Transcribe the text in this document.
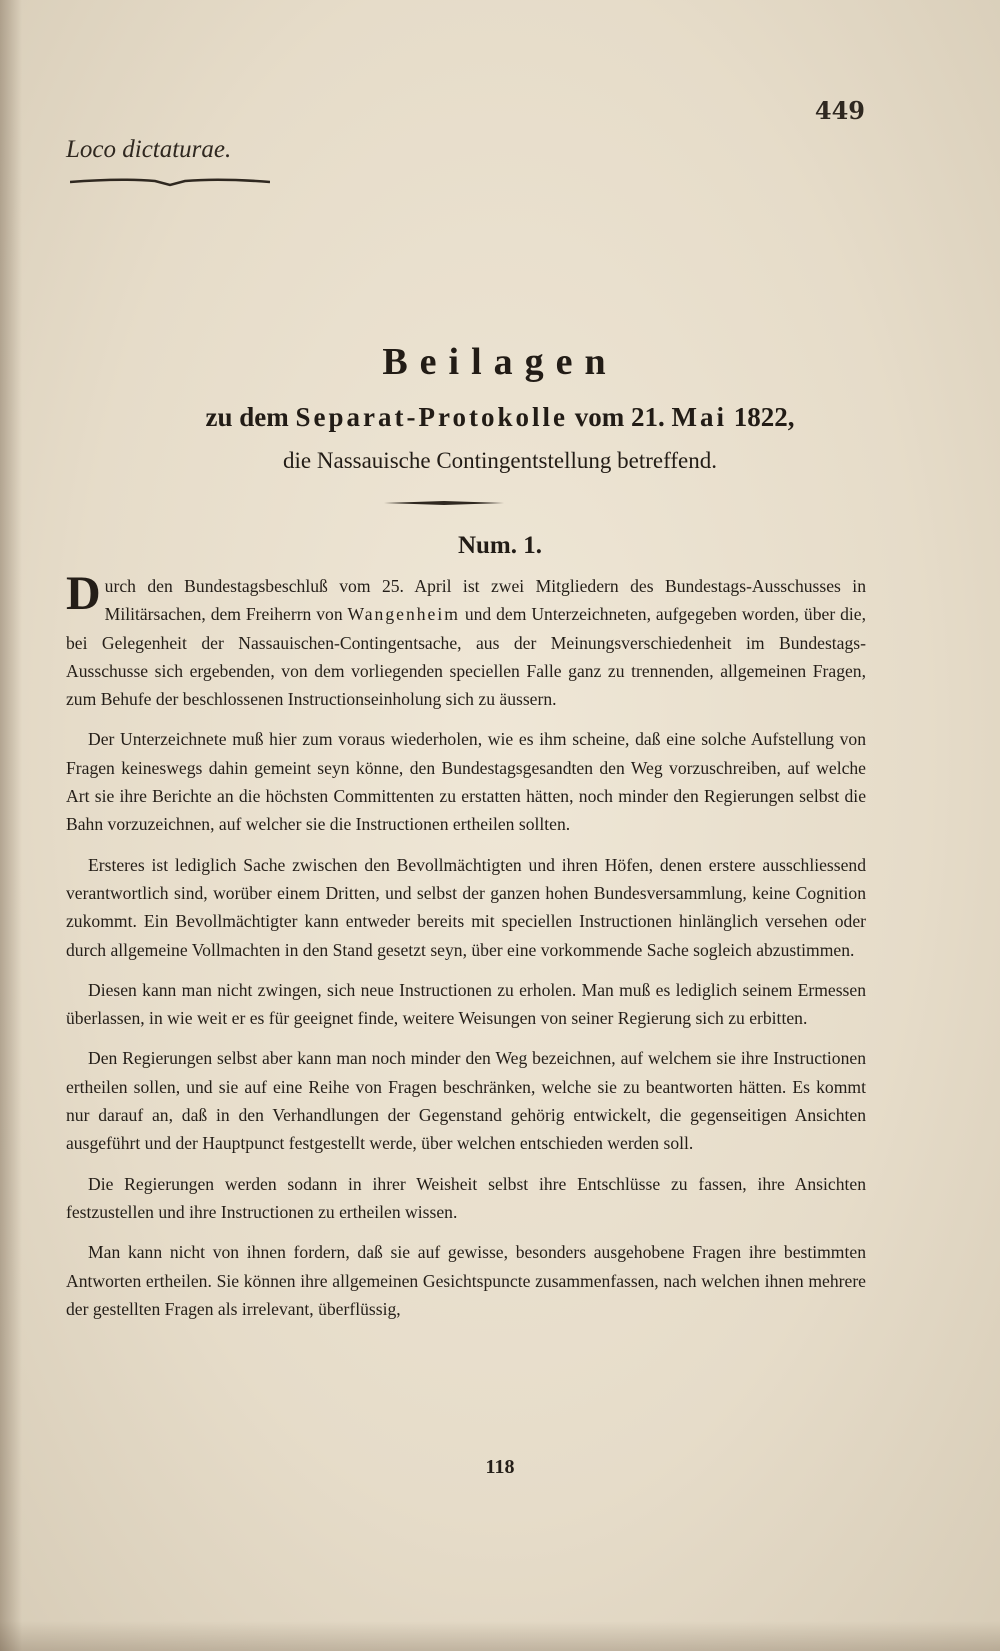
449
Loco dictaturae.
Beilagen
zu dem Separat-Protokolle vom 21. Mai 1822,
die Nassauische Contingentstellung betreffend.
Num. 1.

Durch den Bundestagsbeschluß vom 25. April ist zwei Mitgliedern des Bundestags-Ausschusses in Militärsachen, dem Freiherrn von Wangenheim und dem Unterzeichneten, aufgegeben worden, über die, bei Gelegenheit der Nassauischen-Contingentsache, aus der Meinungsverschiedenheit im Bundestags-Ausschusse sich ergebenden, von dem vorliegenden speciellen Falle ganz zu trennenden, allgemeinen Fragen, zum Behufe der beschlossenen Instructionseinholung sich zu äussern.

Der Unterzeichnete muß hier zum voraus wiederholen, wie es ihm scheine, daß eine solche Aufstellung von Fragen keineswegs dahin gemeint seyn könne, den Bundestagsgesandten den Weg vorzuschreiben, auf welche Art sie ihre Berichte an die höchsten Committenten zu erstatten hätten, noch minder den Regierungen selbst die Bahn vorzuzeichnen, auf welcher sie die Instructionen ertheilen sollten.

Ersteres ist lediglich Sache zwischen den Bevollmächtigten und ihren Höfen, denen erstere ausschliessend verantwortlich sind, worüber einem Dritten, und selbst der ganzen hohen Bundesversammlung, keine Cognition zukommt. Ein Bevollmächtigter kann entweder bereits mit speciellen Instructionen hinlänglich versehen oder durch allgemeine Vollmachten in den Stand gesetzt seyn, über eine vorkommende Sache sogleich abzustimmen.

Diesen kann man nicht zwingen, sich neue Instructionen zu erholen. Man muß es lediglich seinem Ermessen überlassen, in wie weit er es für geeignet finde, weitere Weisungen von seiner Regierung sich zu erbitten.

Den Regierungen selbst aber kann man noch minder den Weg bezeichnen, auf welchem sie ihre Instructionen ertheilen sollen, und sie auf eine Reihe von Fragen beschränken, welche sie zu beantworten hätten. Es kommt nur darauf an, daß in den Verhandlungen der Gegenstand gehörig entwickelt, die gegenseitigen Ansichten ausgeführt und der Hauptpunct festgestellt werde, über welchen entschieden werden soll.

Die Regierungen werden sodann in ihrer Weisheit selbst ihre Entschlüsse zu fassen, ihre Ansichten festzustellen und ihre Instructionen zu ertheilen wissen.

Man kann nicht von ihnen fordern, daß sie auf gewisse, besonders ausgehobene Fragen ihre bestimmten Antworten ertheilen. Sie können ihre allgemeinen Gesichtspuncte zusammenfassen, nach welchen ihnen mehrere der gestellten Fragen als irrelevant, überflüssig,

118
